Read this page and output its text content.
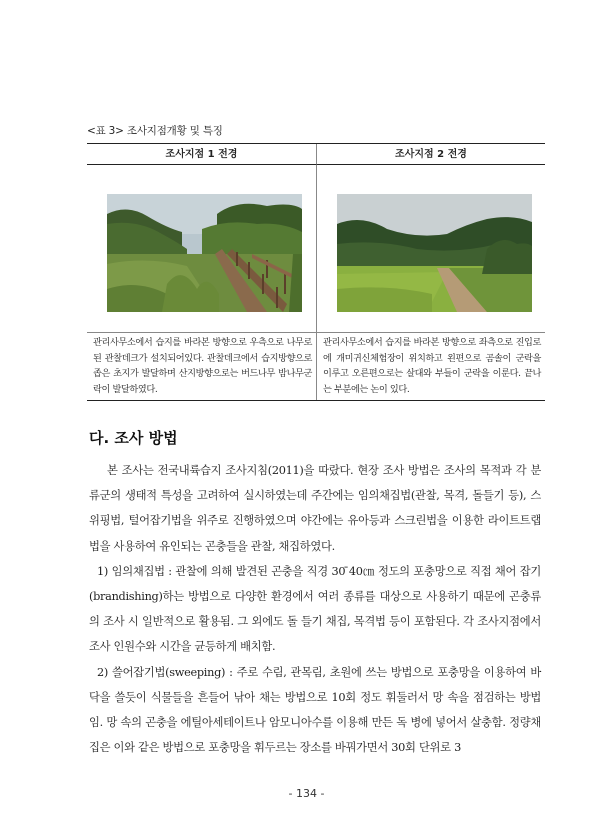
<표 3> 조사지점개황 및 특징
조사지점 1 전경	조사지점 2 전경
관리사무소에서 습지를 바라본 방향으로 우측으로 나무로 된 관찰데크가 설치되어있다. 관찰데크에서 습지방향으로 좁은 초지가 발달하며 산지방향으로는 버드나무 밤나무군락이 발달하였다.
관리사무소에서 습지를 바라본 방향으로 좌측으로 진입로에 개미귀신체험장이 위치하고 왼편으로 곰솔이 군락을 이루고 오른편으로는 살대와 부들이 군락을 이룬다. 끝나는 부분에는 논이 있다.
다. 조사 방법

본 조사는 전국내륙습지 조사지침(2011)을 따랐다. 현장 조사 방법은 조사의 목적과 각 분류군의 생태적 특성을 고려하여 실시하였는데 주간에는 임의채집법(관찰, 목격, 돌들기 등), 스위핑법, 털어잡기법을 위주로 진행하였으며 야간에는 유아등과 스크린법을 이용한 라이트트랩법을 사용하여 유인되는 곤충들을 관찰, 채집하였다.

1) 임의채집법 : 관찰에 의해 발견된 곤충을 직경 30 ̄40㎝ 정도의 포충망으로 직접 채어 잡기(brandishing)하는 방법으로 다양한 환경에서 여러 종류를 대상으로 사용하기 때문에 곤충류의 조사 시 일반적으로 활용됨. 그 외에도 돌 들기 채집, 목격법 등이 포함된다. 각 조사지점에서 조사 인원수와 시간을 균등하게 배치함.

2) 쓸어잡기법(sweeping) : 주로 수림, 관목림, 초원에 쓰는 방법으로 포충망을 이용하여 바닥을 쓸듯이 식물들을 흔들어 낚아 채는 방법으로 10회 정도 휘둘러서 망 속을 점검하는 방법임. 망 속의 곤충을 에틸아세테이트나 암모니아수를 이용해 만든 독 병에 넣어서 살충함. 정량채집은 이와 같은 방법으로 포충망을 휘두르는 장소를 바꿔가면서 30회 단위로 3

- 134 -
